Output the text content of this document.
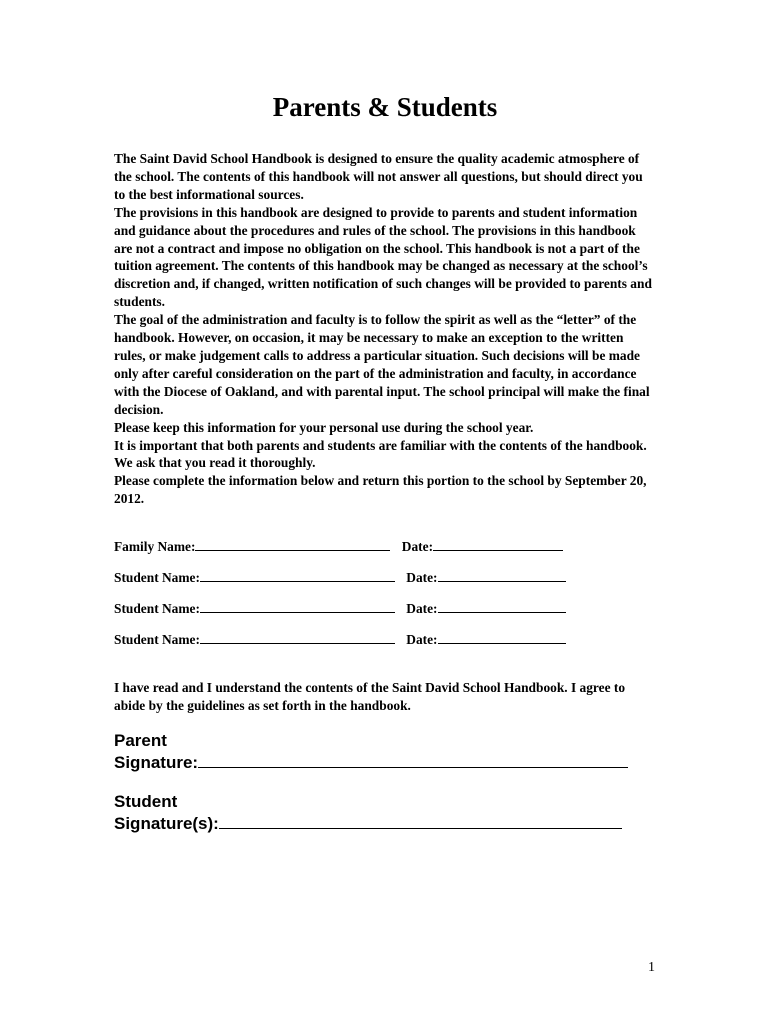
Parents & Students

The Saint David School Handbook is designed to ensure the quality academic atmosphere of the school. The contents of this handbook will not answer all questions, but should direct you to the best informational sources.

The provisions in this handbook are designed to provide to parents and student information and guidance about the procedures and rules of the school. The provisions in this handbook are not a contract and impose no obligation on the school. This handbook is not a part of the tuition agreement. The contents of this handbook may be changed as necessary at the school’s discretion and, if changed, written notification of such changes will be provided to parents and students.

The goal of the administration and faculty is to follow the spirit as well as the “letter” of the handbook. However, on occasion, it may be necessary to make an exception to the written rules, or make judgement calls to address a particular situation. Such decisions will be made only after careful consideration on the part of the administration and faculty, in accordance with the Diocese of Oakland, and with parental input. The school principal will make the final decision.

Please keep this information for your personal use during the school year.

It is important that both parents and students are familiar with the contents of the handbook. We ask that you read it thoroughly.

Please complete the information below and return this portion to the school by September 20, 2012.

Family Name:	Date:
Student Name:	Date:
Student Name:	Date:
Student Name:	Date:

I have read and I understand the contents of the Saint David School Handbook. I agree to abide by the guidelines as set forth in the handbook.

Parent
Signature:
Student
Signature(s):
1
